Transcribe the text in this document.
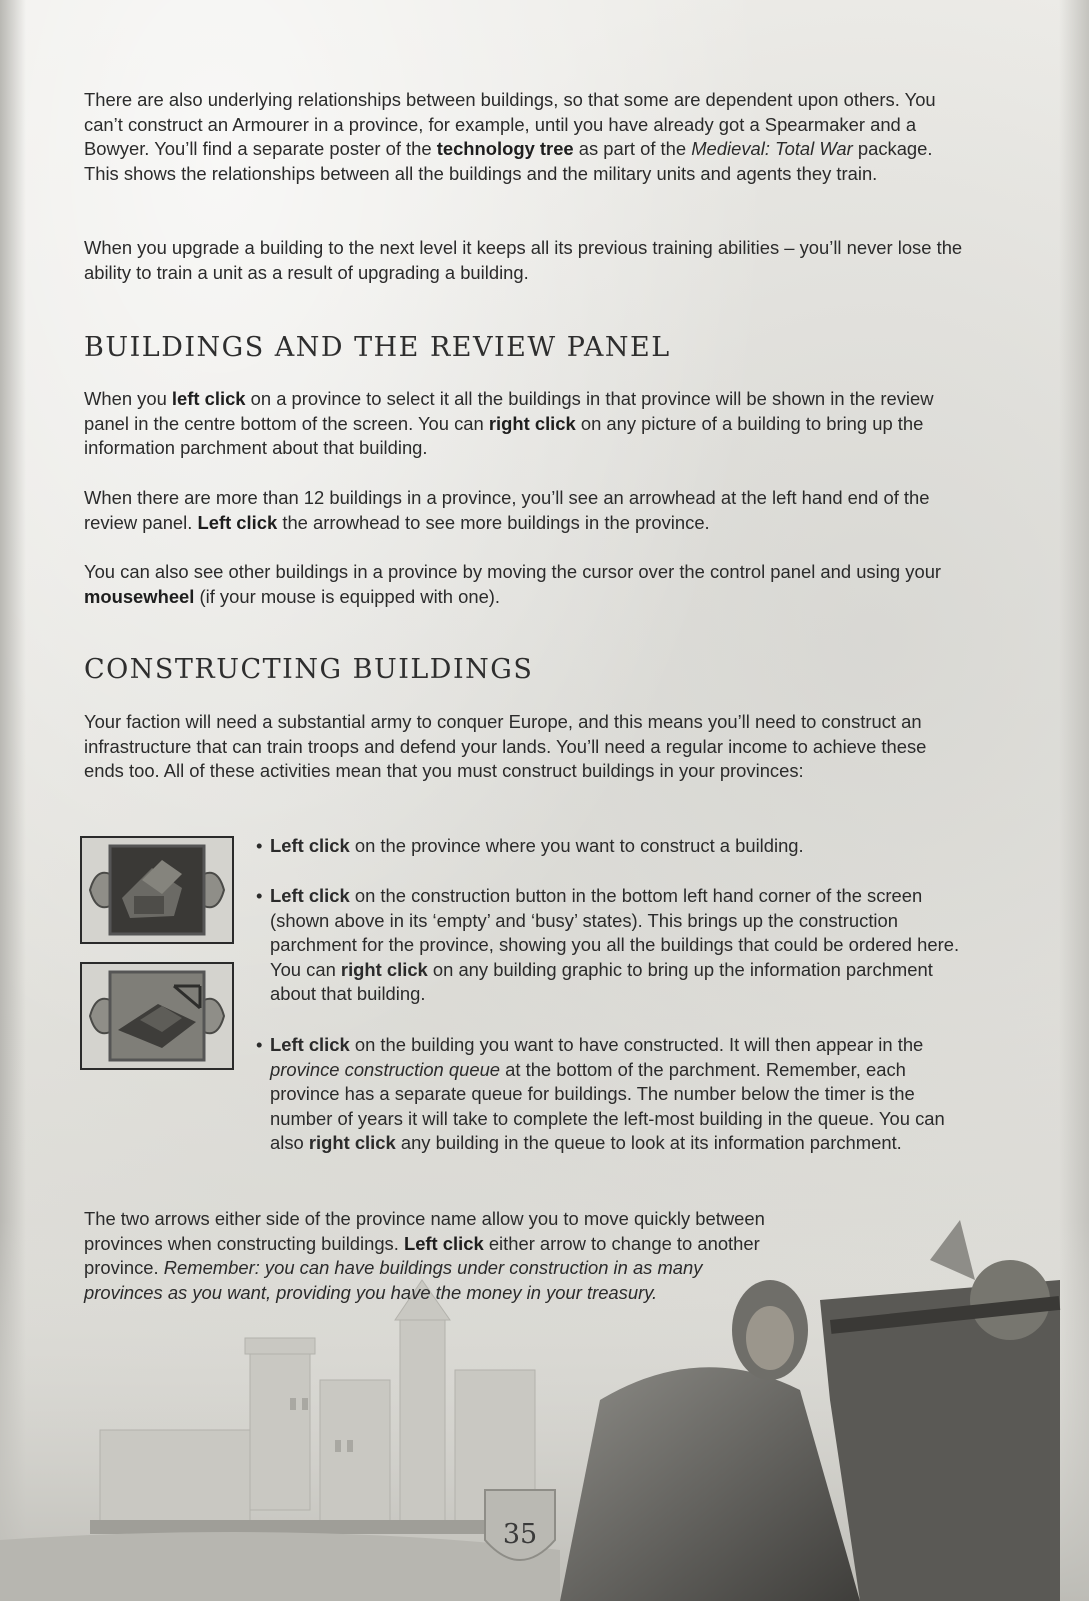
There are also underlying relationships between buildings, so that some are dependent upon others. You can’t construct an Armourer in a province, for example, until you have already got a Spearmaker and a Bowyer. You’ll find a separate poster of the technology tree as part of the Medieval: Total War package. This shows the relationships between all the buildings and the military units and agents they train.

When you upgrade a building to the next level it keeps all its previous training abilities – you’ll never lose the ability to train a unit as a result of upgrading a building.

BUILDINGS AND THE REVIEW PANEL

When you left click on a province to select it all the buildings in that province will be shown in the review panel in the centre bottom of the screen. You can right click on any picture of a building to bring up the information parchment about that building.

When there are more than 12 buildings in a province, you’ll see an arrowhead at the left hand end of the review panel. Left click the arrowhead to see more buildings in the province.

You can also see other buildings in a province by moving the cursor over the control panel and using your mousewheel (if your mouse is equipped with one).

CONSTRUCTING BUILDINGS

Your faction will need a substantial army to conquer Europe, and this means you’ll need to construct an infrastructure that can train troops and defend your lands. You’ll need a regular income to achieve these ends too. All of these activities mean that you must construct buildings in your provinces:

• Left click on the province where you want to construct a building.

• Left click on the construction button in the bottom left hand corner of the screen (shown above in its ‘empty’ and ‘busy’ states). This brings up the construction parchment for the province, showing you all the buildings that could be ordered here. You can right click on any building graphic to bring up the information parchment about that building.

• Left click on the building you want to have constructed. It will then appear in the province construction queue at the bottom of the parchment. Remember, each province has a separate queue for buildings. The number below the timer is the number of years it will take to complete the left-most building in the queue. You can also right click any building in the queue to look at its information parchment.

The two arrows either side of the province name allow you to move quickly between provinces when constructing buildings. Left click either arrow to change to another province. Remember: you can have buildings under construction in as many provinces as you want, providing you have the money in your treasury.

35
